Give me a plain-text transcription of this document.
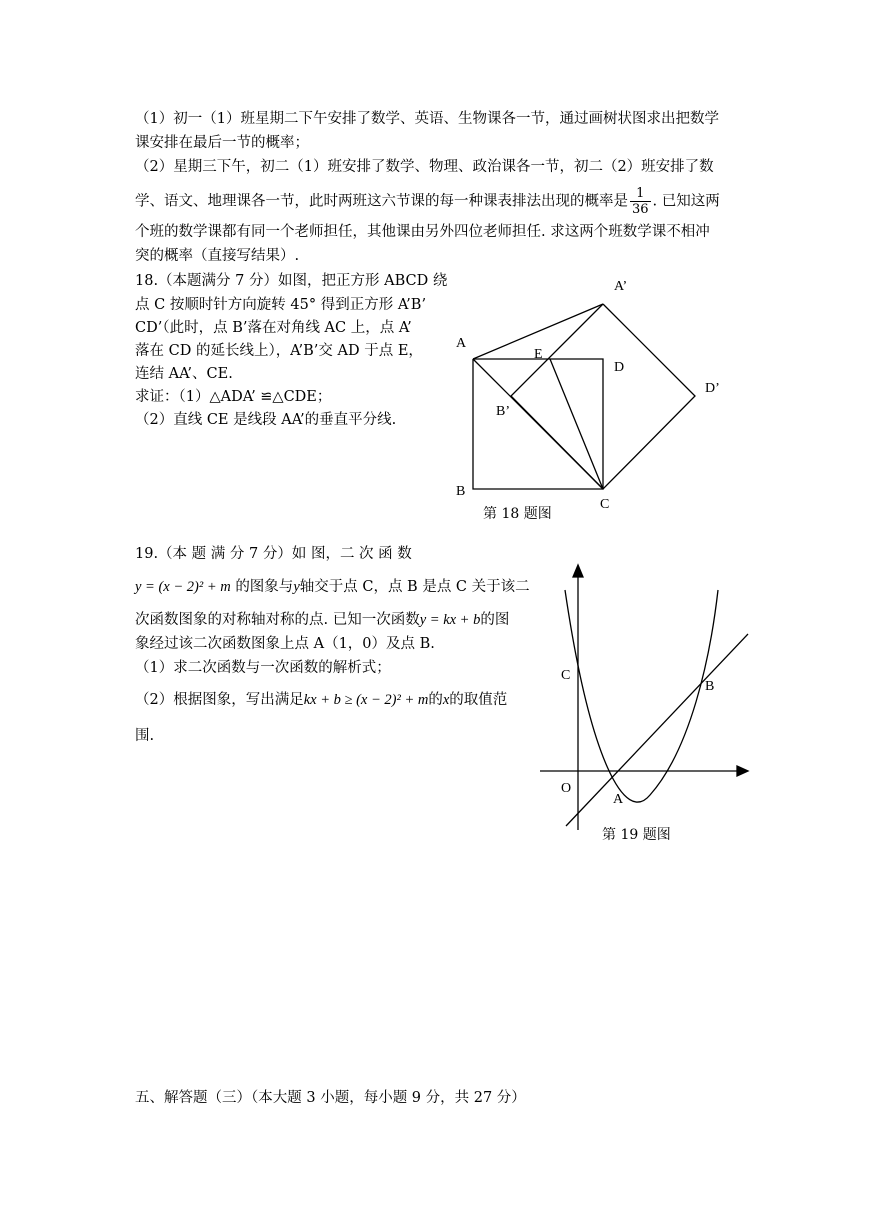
（1）初一（1）班星期二下午安排了数学、英语、生物课各一节，通过画树状图求出把数学
课安排在最后一节的概率；
（2）星期三下午，初二（1）班安排了数学、物理、政治课各一节，初二（2）班安排了数
学、语文、地理课各一节，此时两班这六节课的每一种课表排法出现的概率是 $\frac{1}{36}$ . 已知这两
个班的数学课都有同一个老师担任，其他课由另外四位老师担任. 求这两个班数学课不相冲
突的概率（直接写结果）.
18.（本题满分 7 分）如图，把正方形 ABCD 绕
点 C 按顺时针方向旋转 45° 得到正方形 A’B’
CD’（此时，点 B’落在对角线 AC 上，点 A’
落在 CD 的延长线上），A’B’交 AD 于点 E，
连结 AA’、CE.
求证：（1）△ADA’ ≌△CDE；
（2）直线 CE 是线段 AA’的垂直平分线.
A
B
C
D
E
A’
B’
D’
第 18 题图
19.（本 题 满 分 7 分）如 图，二 次 函 数
y = (x − 2)² + m 的图象与y轴交于点 C，点 B 是点 C 关于该二
次函数图象的对称轴对称的点. 已知一次函数y = kx + b的图
象经过该二次函数图象上点 A（1，0）及点 B.
（1）求二次函数与一次函数的解析式；
（2）根据图象，写出满足kx + b ≥ (x − 2)² + m的x的取值范
围.
C
B
O
A
第 19 题图
五、解答题（三）（本大题 3 小题，每小题 9 分，共 27 分）
